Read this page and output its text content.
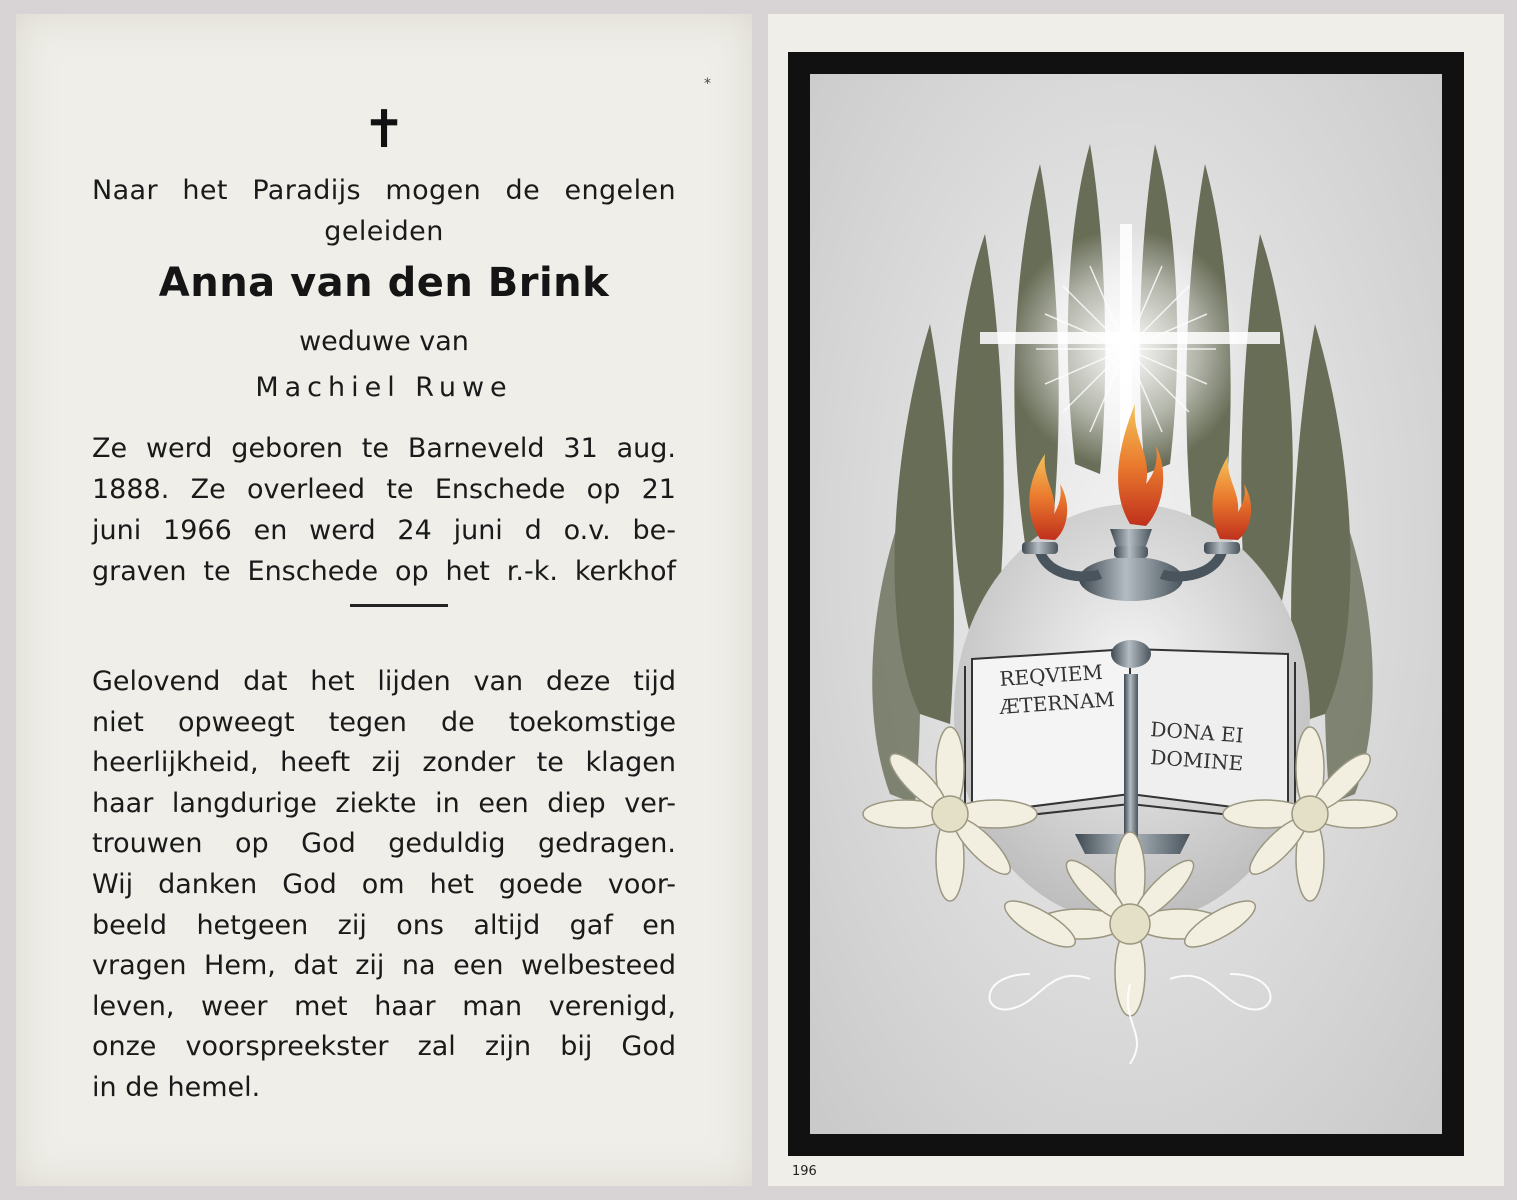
*
✝
Naar het Paradijs mogen de engelen
geleiden
Anna van den Brink
weduwe van
Machiel Ruwe
Ze werd geboren te Barneveld 31 aug.
1888. Ze overleed te Enschede op 21
juni 1966 en werd 24 juni d o.v. be-
graven te Enschede op het r.-k. kerkhof
Gelovend dat het lijden van deze tijd
niet opweegt tegen de toekomstige
heerlijkheid, heeft zij zonder te klagen
haar langdurige ziekte in een diep ver-
trouwen op God geduldig gedragen.
Wij danken God om het goede voor-
beeld hetgeen zij ons altijd gaf en
vragen Hem, dat zij na een welbesteed
leven, weer met haar man verenigd,
onze voorspreekster zal zijn bij God
in de hemel.
REQVIEM
ÆTERNAM
DONA EI
DOMINE
196
